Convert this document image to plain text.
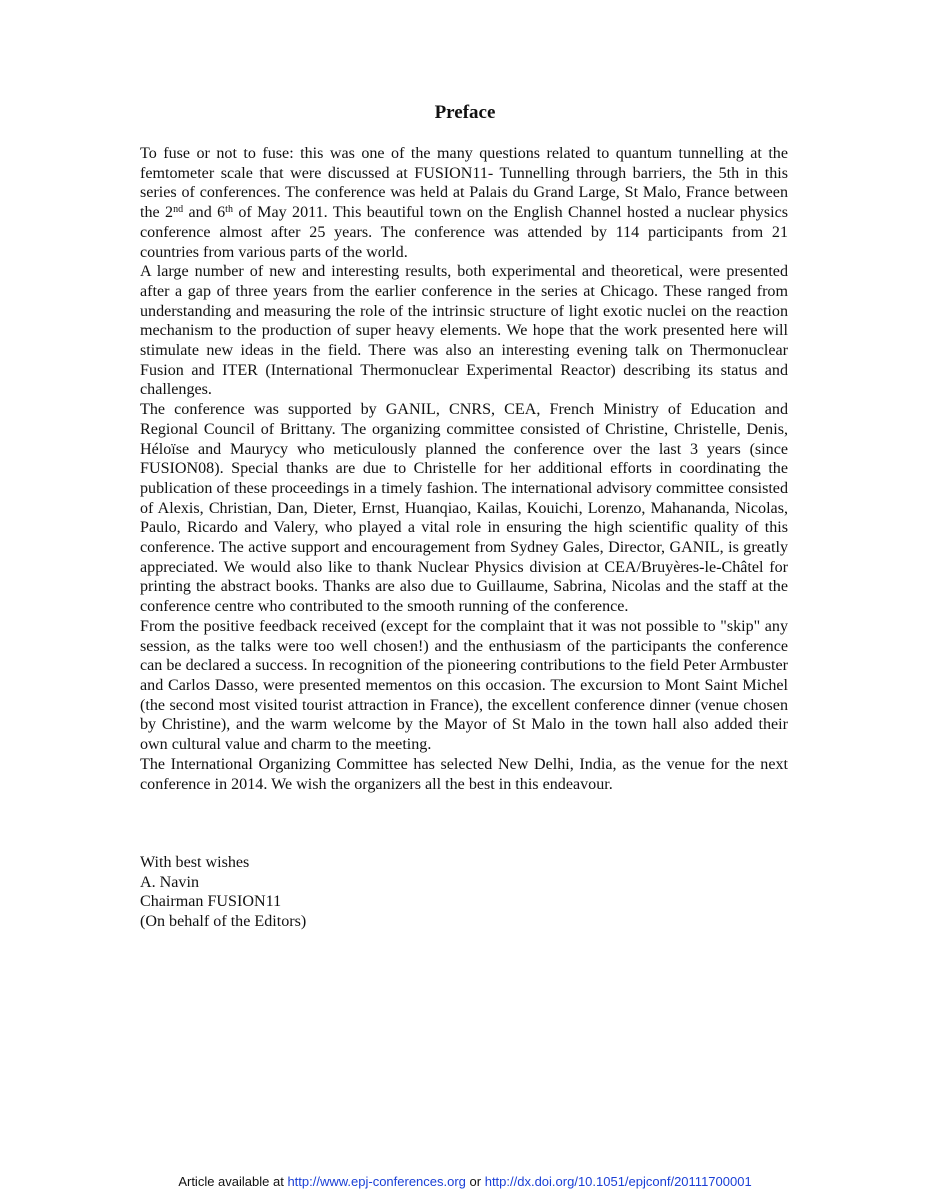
Preface

To fuse or not to fuse: this was one of the many questions related to quantum tunnelling at the femtometer scale that were discussed at FUSION11- Tunnelling through barriers, the 5th in this series of conferences. The conference was held at Palais du Grand Large, St Malo, France between the 2nd and 6th of May 2011. This beautiful town on the English Channel hosted a nuclear physics conference almost after 25 years. The conference was attended by 114 participants from 21 countries from various parts of the world.

A large number of new and interesting results, both experimental and theoretical, were presented after a gap of three years from the earlier conference in the series at Chicago. These ranged from understanding and measuring the role of the intrinsic structure of light exotic nuclei on the reaction mechanism to the production of super heavy elements. We hope that the work presented here will stimulate new ideas in the field. There was also an interesting evening talk on Thermonuclear Fusion and ITER (International Thermonuclear Experimental Reactor) describing its status and challenges.

The conference was supported by GANIL, CNRS, CEA, French Ministry of Education and Regional Council of Brittany. The organizing committee consisted of Christine, Christelle, Denis, Héloïse and Maurycy who meticulously planned the conference over the last 3 years (since FUSION08). Special thanks are due to Christelle for her additional efforts in coordinating the publication of these proceedings in a timely fashion. The international advisory committee consisted of Alexis, Christian, Dan, Dieter, Ernst, Huanqiao, Kailas, Kouichi, Lorenzo, Mahananda, Nicolas, Paulo, Ricardo and Valery, who played a vital role in ensuring the high scientific quality of this conference. The active support and encouragement from Sydney Gales, Director, GANIL, is greatly appreciated. We would also like to thank Nuclear Physics division at CEA/Bruyères-le-Châtel for printing the abstract books. Thanks are also due to Guillaume, Sabrina, Nicolas and the staff at the conference centre who contributed to the smooth running of the conference.

From the positive feedback received (except for the complaint that it was not possible to "skip" any session, as the talks were too well chosen!) and the enthusiasm of the participants the conference can be declared a success. In recognition of the pioneering contributions to the field Peter Armbuster and Carlos Dasso, were presented mementos on this occasion. The excursion to Mont Saint Michel (the second most visited tourist attraction in France), the excellent conference dinner (venue chosen by Christine), and the warm welcome by the Mayor of St Malo in the town hall also added their own cultural value and charm to the meeting.

The International Organizing Committee has selected New Delhi, India, as the venue for the next conference in 2014. We wish the organizers all the best in this endeavour.

With best wishes
A. Navin
Chairman FUSION11
(On behalf of the Editors)
Article available at http://www.epj-conferences.org or http://dx.doi.org/10.1051/epjconf/20111700001
